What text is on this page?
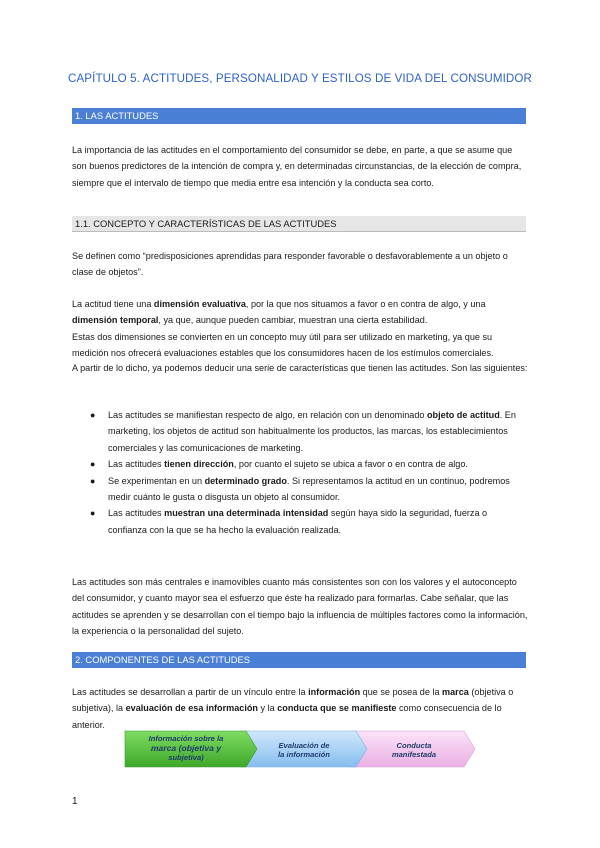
CAPÍTULO 5. ACTITUDES, PERSONALIDAD Y ESTILOS DE VIDA DEL CONSUMIDOR
1. LAS ACTITUDES

La importancia de las actitudes en el comportamiento del consumidor se debe, en parte, a que se asume que son buenos predictores de la intención de compra y, en determinadas circunstancias, de la elección de compra, siempre que el intervalo de tiempo que media entre esa intención y la conducta sea corto.

1.1. CONCEPTO Y CARACTERÍSTICAS DE LAS ACTITUDES

Se definen como “predisposiciones aprendidas para responder favorable o desfavorablemente a un objeto o clase de objetos”.

La actitud tiene una dimensión evaluativa, por la que nos situamos a favor o en contra de algo, y una dimensión temporal, ya que, aunque pueden cambiar, muestran una cierta estabilidad.
Estas dos dimensiones se convierten en un concepto muy útil para ser utilizado en marketing, ya que su medición nos ofrecerá evaluaciones estables que los consumidores hacen de los estímulos comerciales.

A partir de lo dicho, ya podemos deducir una serie de características que tienen las actitudes. Son las siguientes:

● Las actitudes se manifiestan respecto de algo, en relación con un denominado objeto de actitud. En marketing, los objetos de actitud son habitualmente los productos, las marcas, los establecimientos comerciales y las comunicaciones de marketing.
● Las actitudes tienen dirección, por cuanto el sujeto se ubica a favor o en contra de algo.
● Se experimentan en un determinado grado. Si representamos la actitud en un continuo, podremos medir cuánto le gusta o disgusta un objeto al consumidor.
● Las actitudes muestran una determinada intensidad según haya sido la seguridad, fuerza o confianza con la que se ha hecho la evaluación realizada.

Las actitudes son más centrales e inamovibles cuanto más consistentes son con los valores y el autoconcepto del consumidor, y cuanto mayor sea el esfuerzo que éste ha realizado para formarlas. Cabe señalar, que las actitudes se aprenden y se desarrollan con el tiempo bajo la influencia de múltiples factores como la información, la experiencia o la personalidad del sujeto.

2. COMPONENTES DE LAS ACTITUDES

Las actitudes se desarrollan a partir de un vínculo entre la información que se posea de la marca (objetiva o subjetiva), la evaluación de esa información y la conducta que se manifieste como consecuencia de lo anterior.

Información sobre la
marca (objetiva y
subjetiva)
Evaluación de
la información
Conducta
manifestada
1
